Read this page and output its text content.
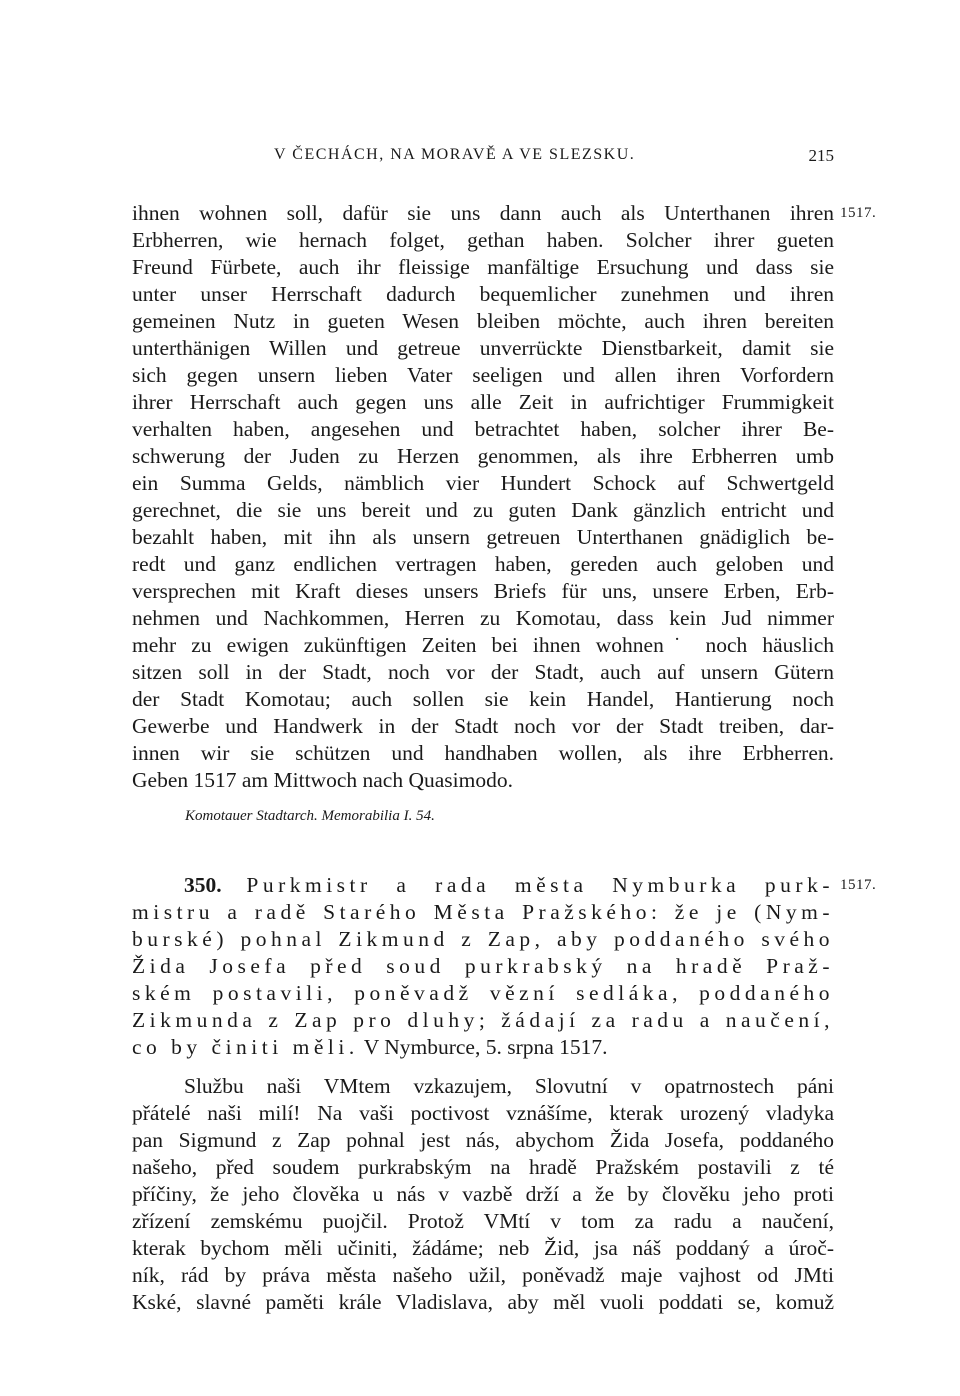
V ČECHÁCH, NA MORAVĚ A VE SLEZSKU.	215
ihnen wohnen soll, dafür sie uns dann auch als Unterthanen ihren
Erbherren, wie hernach folget, gethan haben. Solcher ihrer gueten
Freund Fürbete, auch ihr fleissige manfältige Ersuchung und dass sie
unter unser Herrschaft dadurch bequemlicher zunehmen und ihren
gemeinen Nutz in gueten Wesen bleiben möchte, auch ihren bereiten
unterthänigen Willen und getreue unverrückte Dienstbarkeit, damit sie
sich gegen unsern lieben Vater seeligen und allen ihren Vorfordern
ihrer Herrschaft auch gegen uns alle Zeit in aufrichtiger Frummigkeit
verhalten haben, angesehen und betrachtet haben, solcher ihrer Be-
schwerung der Juden zu Herzen genommen, als ihre Erbherren umb
ein Summa Gelds, nämblich vier Hundert Schock auf Schwertgeld
gerechnet, die sie uns bereit und zu guten Dank gänzlich entricht und
bezahlt haben, mit ihn als unsern getreuen Unterthanen gnädiglich be-
redt und ganz endlichen vertragen haben, gereden auch geloben und
versprechen mit Kraft dieses unsers Briefs für uns, unsere Erben, Erb-
nehmen und Nachkommen, Herren zu Komotau, dass kein Jud nimmer
mehr zu ewigen zukünftigen Zeiten bei ihnen wohnen˙ noch häuslich
sitzen soll in der Stadt, noch vor der Stadt, auch auf unsern Gütern
der Stadt Komotau; auch sollen sie kein Handel, Hantierung noch
Gewerbe und Handwerk in der Stadt noch vor der Stadt treiben, dar-
innen wir sie schützen und handhaben wollen, als ihre Erbherren.
Geben 1517 am Mittwoch nach Quasimodo.
1517.
Komotauer Stadtarch. Memorabilia I. 54.
350. Purkmistr a rada města Nymburka purk-
mistru a radě Starého Města Pražského: že je (Nym-
burské) pohnal Zikmund z Zap, aby poddaného svého
Žida Josefa před soud purkrabský na hradě Praž-
ském postavili, poněvadž vězní sedláka, poddaného
Zikmunda z Zap pro dluhy; žádají za radu a naučení,
co by činiti měli. V Nymburce, 5. srpna 1517.
1517.
Službu naši VMtem vzkazujem, Slovutní v opatrnostech páni
přátelé naši milí! Na vaši poctivost vznášíme, kterak urozený vladyka
pan Sigmund z Zap pohnal jest nás, abychom Žida Josefa, poddaného
našeho, před soudem purkrabským na hradě Pražském postavili z té
příčiny, že jeho člověka u nás v vazbě drží a že by člověku jeho proti
zřízení zemskému puojčil. Protož VMtí v tom za radu a naučení,
kterak bychom měli učiniti, žádáme; neb Žid, jsa náš poddaný a úroč-
ník, rád by práva města našeho užil, poněvadž maje vajhost od JMti
Kské, slavné paměti krále Vladislava, aby měl vuoli poddati se, komuž
